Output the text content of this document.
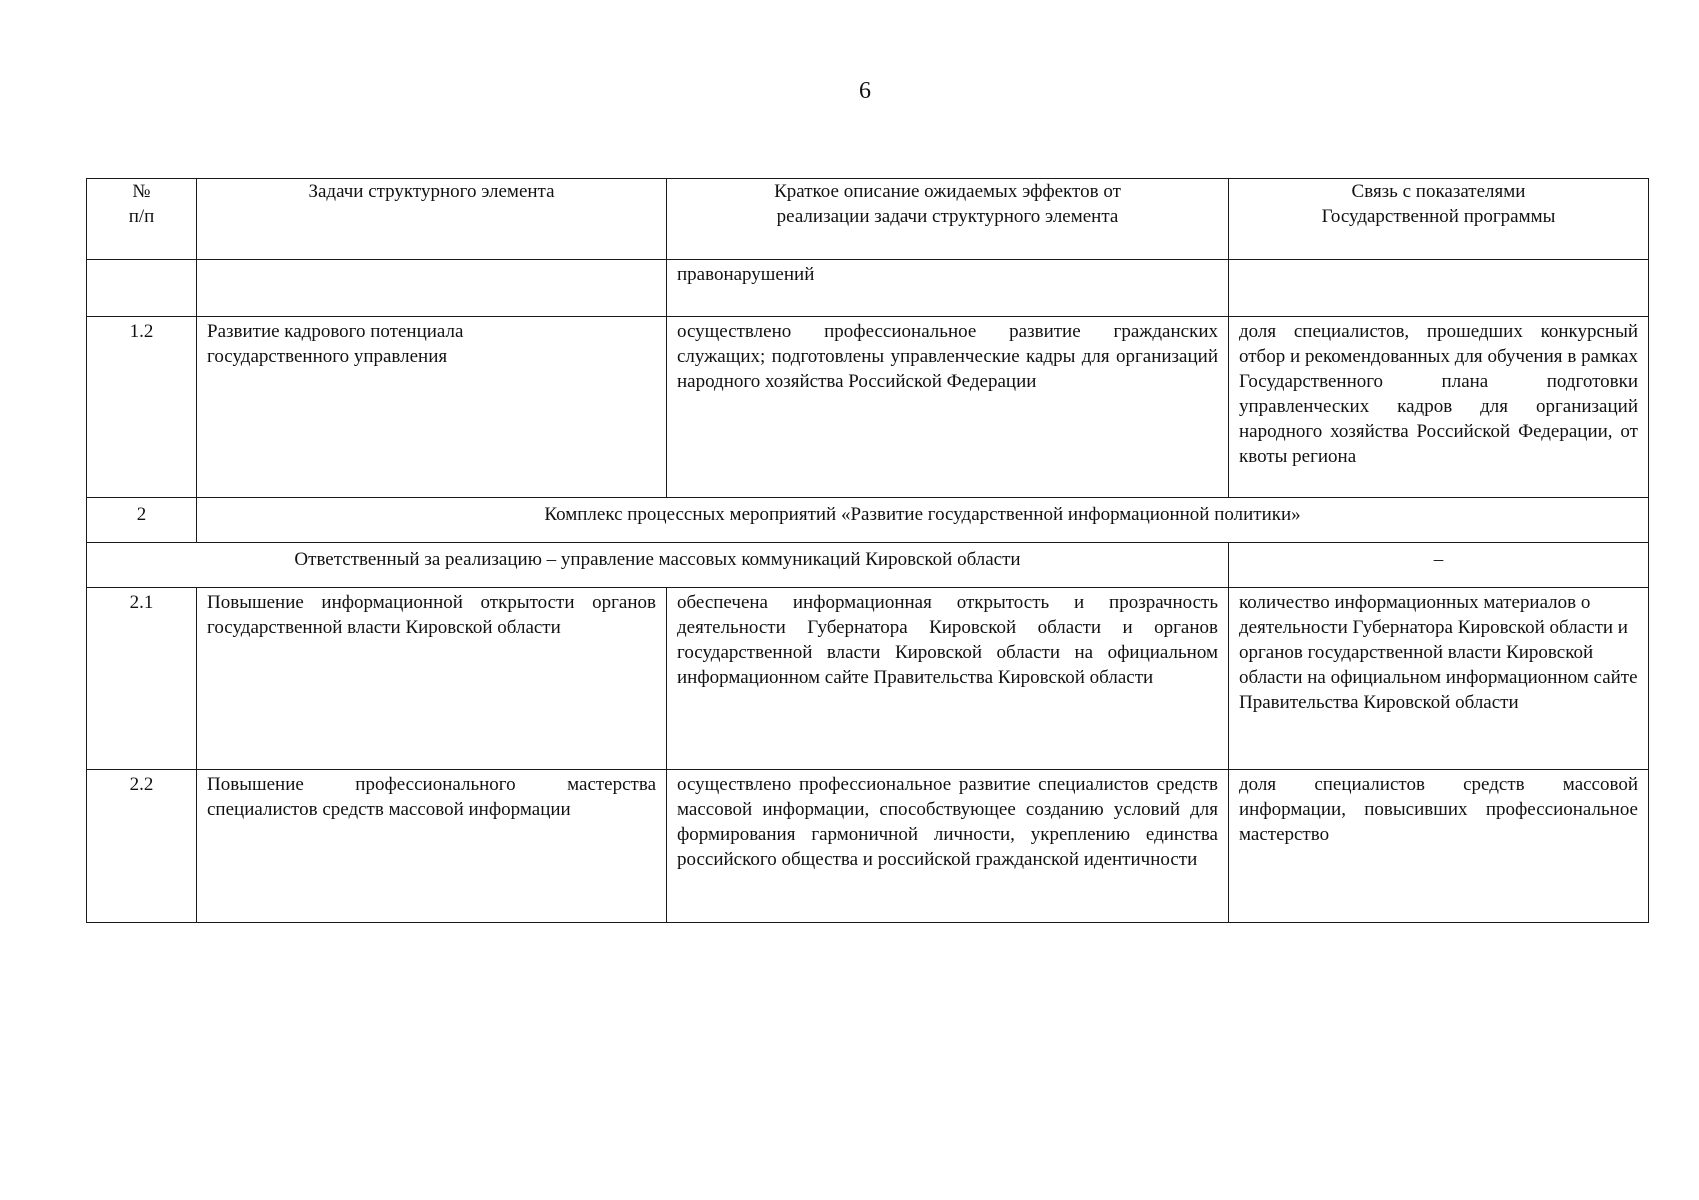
6
№
п/п	Задачи структурного элемента	Краткое описание ожидаемых эффектов от реализации задачи структурного элемента	Связь с показателями Государственной программы
		правонарушений	
1.2	Развитие кадрового потенциала государственного управления	осуществлено профессиональное развитие гражданских служащих; подготовлены управленческие кадры для организаций народного хозяйства Российской Федерации	доля специалистов, прошедших конкурсный отбор и рекомендованных для обучения в рамках Государственного плана подготовки управленческих кадров для организаций народного хозяйства Российской Федерации, от квоты региона
2	Комплекс процессных мероприятий «Развитие государственной информационной политики»		
Ответственный за реализацию – управление массовых коммуникаций Кировской области			–
2.1	Повышение информационной открытости органов государственной власти Кировской области	обеспечена информационная открытость и прозрачность деятельности Губернатора Кировской области и органов государственной власти Кировской области на официальном информационном сайте Правительства Кировской области	количество информационных материалов о деятельности Губернатора Кировской области и органов государственной власти Кировской области на официальном информационном сайте Правительства Кировской области
2.2	Повышение профессионального мастерства специалистов средств массовой информации	осуществлено профессиональное развитие специалистов средств массовой информации, способствующее созданию условий для формирования гармоничной личности, укреплению единства российского общества и российской гражданской идентичности	доля специалистов средств массовой информации, повысивших профессиональное мастерство
